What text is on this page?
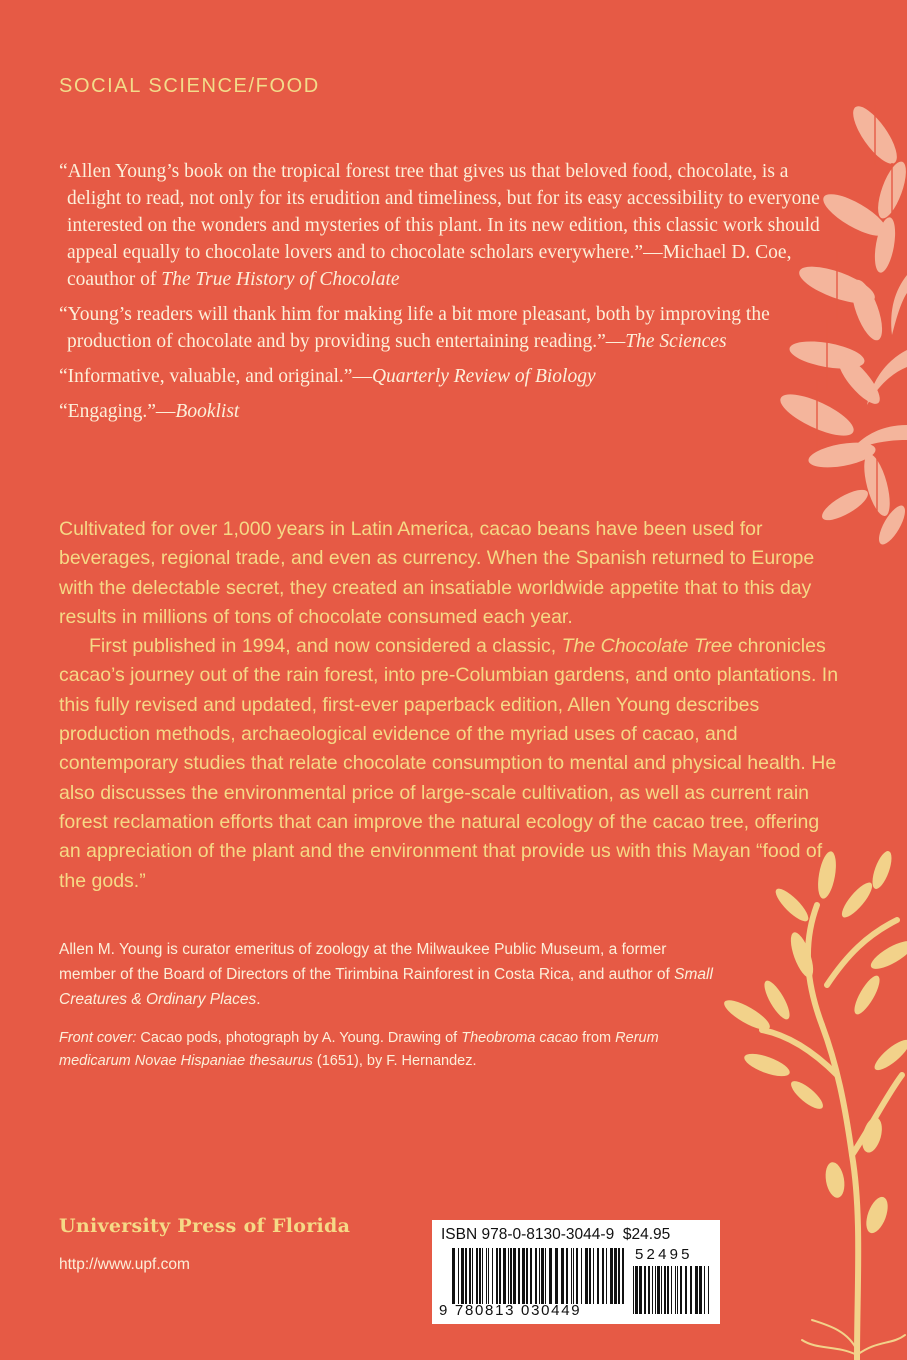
SOCIAL SCIENCE/FOOD

“Allen Young’s book on the tropical forest tree that gives us that beloved food, chocolate, is a delight to read, not only for its erudition and timeliness, but for its easy accessibility to everyone interested on the wonders and mysteries of this plant. In its new edition, this classic work should appeal equally to chocolate lovers and to chocolate scholars everywhere.”—Michael D. Coe, coauthor of The True History of Chocolate

“Young’s readers will thank him for making life a bit more pleasant, both by improving the production of chocolate and by providing such entertaining reading.”—The Sciences

“Informative, valuable, and original.”—Quarterly Review of Biology

“Engaging.”—Booklist

Cultivated for over 1,000 years in Latin America, cacao beans have been used for beverages, regional trade, and even as currency. When the Spanish returned to Europe with the delectable secret, they created an insatiable worldwide appetite that to this day results in millions of tons of chocolate consumed each year.

First published in 1994, and now considered a classic, The Chocolate Tree chronicles cacao’s journey out of the rain forest, into pre-Columbian gardens, and onto plantations. In this fully revised and updated, first-ever paperback edition, Allen Young describes production methods, archaeological evidence of the myriad uses of cacao, and contemporary studies that relate chocolate consumption to mental and physical health. He also discusses the environmental price of large-scale cultivation, as well as current rain forest reclamation efforts that can improve the natural ecology of the cacao tree, offering an appreciation of the plant and the environment that provide us with this Mayan “food of the gods.”

Allen M. Young is curator emeritus of zoology at the Milwaukee Public Museum, a former member of the Board of Directors of the Tirimbina Rainforest in Costa Rica, and author of Small Creatures & Ordinary Places.
Front cover: Cacao pods, photograph by A. Young. Drawing of Theobroma cacao from Rerum medicarum Novae Hispaniae thesaurus (1651), by F. Hernandez.
University Press of Florida
http://www.upf.com
ISBN 978-0-8130-3044-9 $24.95
52495
9 780813 030449
